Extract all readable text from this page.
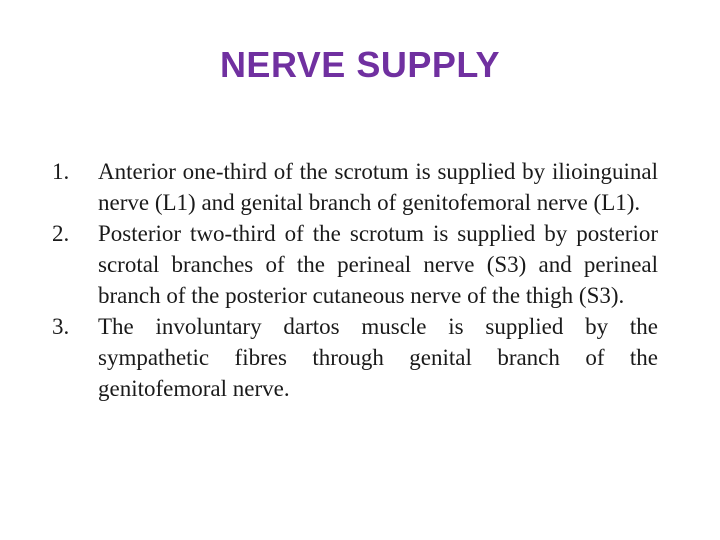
NERVE SUPPLY
1. Anterior one-third of the scrotum is supplied by ilioinguinal nerve (L1) and genital branch of genitofemoral nerve (L1).
2. Posterior two-third of the scrotum is supplied by posterior scrotal branches of the perineal nerve (S3) and perineal branch of the posterior cutaneous nerve of the thigh (S3).
3. The involuntary dartos muscle is supplied by the sympathetic fibres through genital branch of the genitofemoral nerve.
